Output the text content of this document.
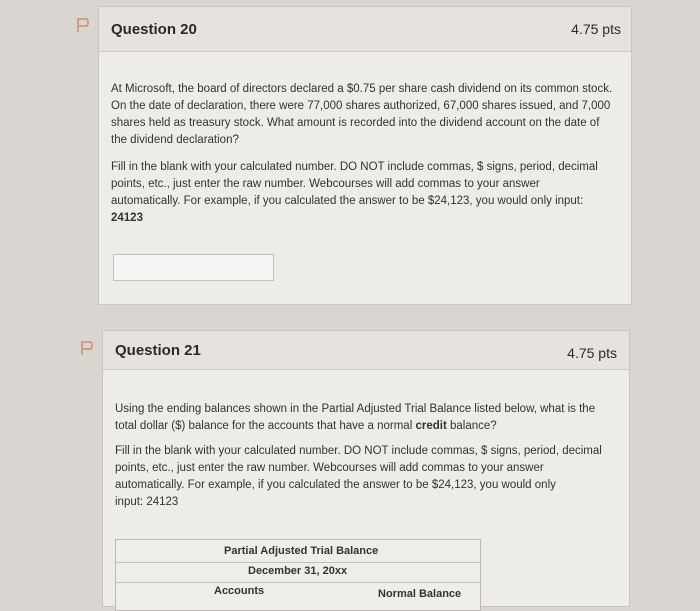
Question 20	4.75 pts
At Microsoft, the board of directors declared a $0.75 per share cash dividend on its common stock.
On the date of declaration, there were 77,000 shares authorized, 67,000 shares issued, and 7,000
shares held as treasury stock. What amount is recorded into the dividend account on the date of
the dividend declaration?
Fill in the blank with your calculated number. DO NOT include commas, $ signs, period, decimal
points, etc., just enter the raw number. Webcourses will add commas to your answer
automatically. For example, if you calculated the answer to be $24,123, you would only input:
24123
Question 21	4.75 pts
Using the ending balances shown in the Partial Adjusted Trial Balance listed below, what is the
total dollar ($) balance for the accounts that have a normal credit balance?
Fill in the blank with your calculated number. DO NOT include commas, $ signs, period, decimal
points, etc., just enter the raw number. Webcourses will add commas to your answer
automatically. For example, if you calculated the answer to be $24,123, you would only
input: 24123
Partial Adjusted Trial Balance
December 31, 20xx
Accounts	Normal Balance
